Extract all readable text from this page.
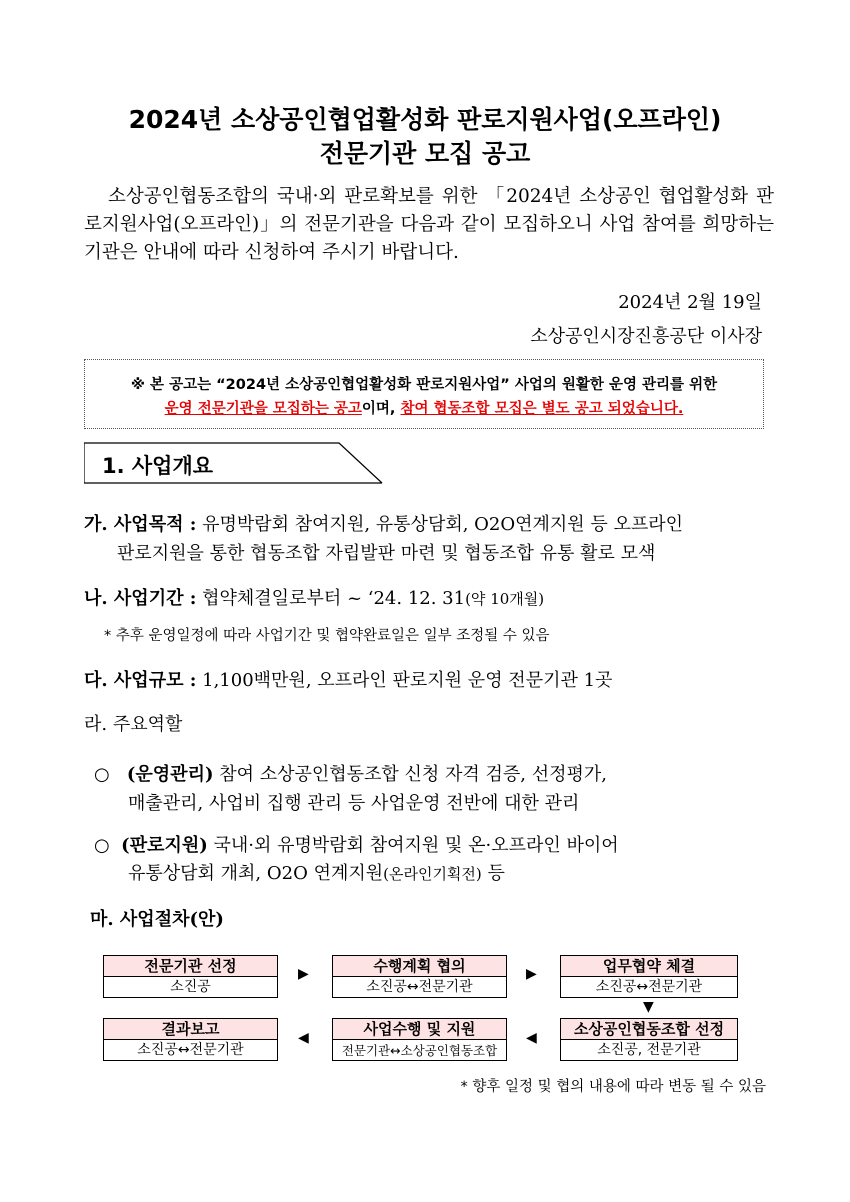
2024년 소상공인협업활성화 판로지원사업(오프라인)
전문기관 모집 공고
소상공인협동조합의 국내·외 판로확보를 위한 「2024년 소상공인 협업활성화 판로지원사업(오프라인)」의 전문기관을 다음과 같이 모집하오니 사업 참여를 희망하는 기관은 안내에 따라 신청하여 주시기 바랍니다.
2024년 2월 19일
소상공인시장진흥공단 이사장
※ 본 공고는 “2024년 소상공인협업활성화 판로지원사업” 사업의 원활한 운영 관리를 위한
운영 전문기관을 모집하는 공고이며, 참여 협동조합 모집은 별도 공고 되었습니다.
1. 사업개요
가. 사업목적 : 유명박람회 참여지원, 유통상담회, O2O연계지원 등 오프라인
판로지원을 통한 협동조합 자립발판 마련 및 협동조합 유통 활로 모색
나. 사업기간 : 협약체결일로부터 ~ ‘24. 12. 31(약 10개월)
* 추후 운영일정에 따라 사업기간 및 협약완료일은 일부 조정될 수 있음
다. 사업규모 : 1,100백만원, 오프라인 판로지원 운영 전문기관 1곳
라. 주요역할
○ (운영관리) 참여 소상공인협동조합 신청 자격 검증, 선정평가,
매출관리, 사업비 집행 관리 등 사업운영 전반에 대한 관리
○ (판로지원) 국내·외 유명박람회 참여지원 및 온·오프라인 바이어
유통상담회 개최, O2O 연계지원(온라인기획전) 등
마. 사업절차(안)
전문기관 선정
소진공
수행계획 협의
소진공↔전문기관
업무협약 체결
소진공↔전문기관
소상공인협동조합 선정
소진공, 전문기관
사업수행 및 지원
전문기관↔소상공인협동조합
결과보고
소진공↔전문기관
▶	▶
▼
◀
◀
* 향후 일정 및 협의 내용에 따라 변동 될 수 있음
